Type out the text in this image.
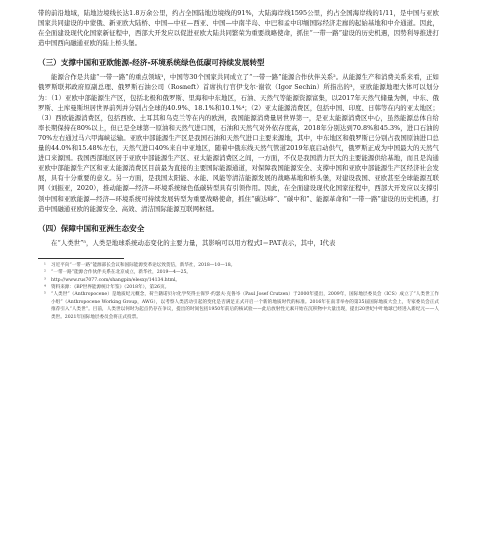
带的前沿地域，陆地边境线长达1.8万余公里，约占全国陆地边境线的91%，大陆海岸线1595公里，约占全国海岸线的1/11，是中国与亚欧国家共同建设的中蒙俄、新亚欧大陆桥、中国—中亚—西亚、中国—中南半岛、中巴和孟中印缅国际经济走廊的起始基地和中介通道。因此，在全面建设现代化国家新征程中，西部大开发应以促进亚欧大陆共同繁荣为重要战略使命，抓住“一带一路”建设的历史机遇，因势利导推进打造中国西向融通亚欧的陆上桥头堡。

（三）支撑中国和亚欧能源-经济-环境系统绿色低碳可持续发展转型

能源合作是共建“一带一路”的重点领域¹，中国等30个国家共同成立了“一带一路”能源合作伙伴关系²。从能源生产和消费关系来看，正如俄罗斯联邦政府原副总理、俄罗斯石油公司（Rosneft）首席执行官伊戈尔·谢钦（Igor Sechin）所指出的³，亚欧能源地理大体可以划分为：（1）亚欧中部能源生产区，包括北极和俄罗斯、里海和中东地区，石油、天然气等能源资源富集，以2017年天然气储量为例，中东、俄罗斯、土库曼斯坦居世界前列并分别占全球的40.9%、18.1%和10.1%⁴；（2）亚太能源消费区，包括中国、印度、日韩等在内的亚太地区；（3）西欧能源消费区，包括西欧、土耳其和乌克兰等在内的欧洲，我国能源消费量居世界第一，是亚太能源消费区中心，虽然能源总体自给率长期保持在80%以上，但已是全球第一原油和天然气进口国，石油和天然气对外依存度高，2018年分别达到70.8%和45.3%，进口石油的70%左右通过马六甲海峡运输。亚欧中部能源生产区是我国石油和天然气进口主要来源地，其中，中东地区和俄罗斯已分别占我国原油进口总量的44.0%和15.48%左右，天然气进口40%来自中亚地区，随着中俄东线天然气管道2019年底启动供气，俄罗斯正成为中国最大的天然气进口来源国。我国西部地区居于亚欧中部能源生产区、亚太能源消费区之间，一方面，不仅是我国潜力巨大的主要能源供给基地，而且是沟通亚欧中部能源生产区和亚太能源消费区目前最为直接的主要国际能源通道，对保障我国能源安全、支撑中国和亚欧中部能源生产区经济社会发展，具有十分重要的意义。另一方面，是我国太阳能、水能、风能等清洁能源发展的战略基地和桥头堡，对建设我国、亚欧甚至全球能源互联网（刘振亚，2020），推动能源—经济—环境系统绿色低碳转型具有引领作用。因此，在全面建设现代化国家征程中，西部大开发应以支撑引领中国和亚欧能源—经济—环境系统可持续发展转型为重要战略使命，抓住“碳达峰”、“碳中和”、能源革命和“一带一路”建设的历史机遇，打造中国融通亚欧的能源安全、高效、清洁国际能源互联网枢纽。

（四）保障中国和亚洲生态安全

在“人类世”⁵，人类是地球系统动态变化的主要力量，其影响可以用方程式I＝PAT表示，其中，I代表

¹ 习近平向“一带一路”能源部长会议和国际能源变革论坛致贺信，新华社，2018—10—18。

² “一带一路”能源合作伙伴关系在北京成立，新华社，2019—4—25。

³ http://www.rus7077.com/shangpin/elesxy/14134.html。

⁴ 资料来源：《BP世界能源统计年鉴》（2018年），第26页。

⁵ “人类世”（Anthropocene）是地质纪元概念，荷兰籍诺贝尔化学奖得主保罗·约瑟夫·克鲁岑（Paul Josef Crutzen）于2000年提出，2009年，国际地层委员会（ICS）成立了“人类世工作小组”（Anthropocene Working Group，AWG），以考察人类活动引起的变化是否满足正式开启一个新的地质时代的标准。2016年在南非举办的第35届国际地质大会上，专家委员会正式推荐引入“人类世”。目前，人类世以何时为起点仍存在争议，提出的时间包括1950年前后的核试验——此后放射性元素开始在沉积物中大量出现，提出20世纪中叶地球已经进入新纪元——人类世。2021年国际地层委员会将正式投票。
